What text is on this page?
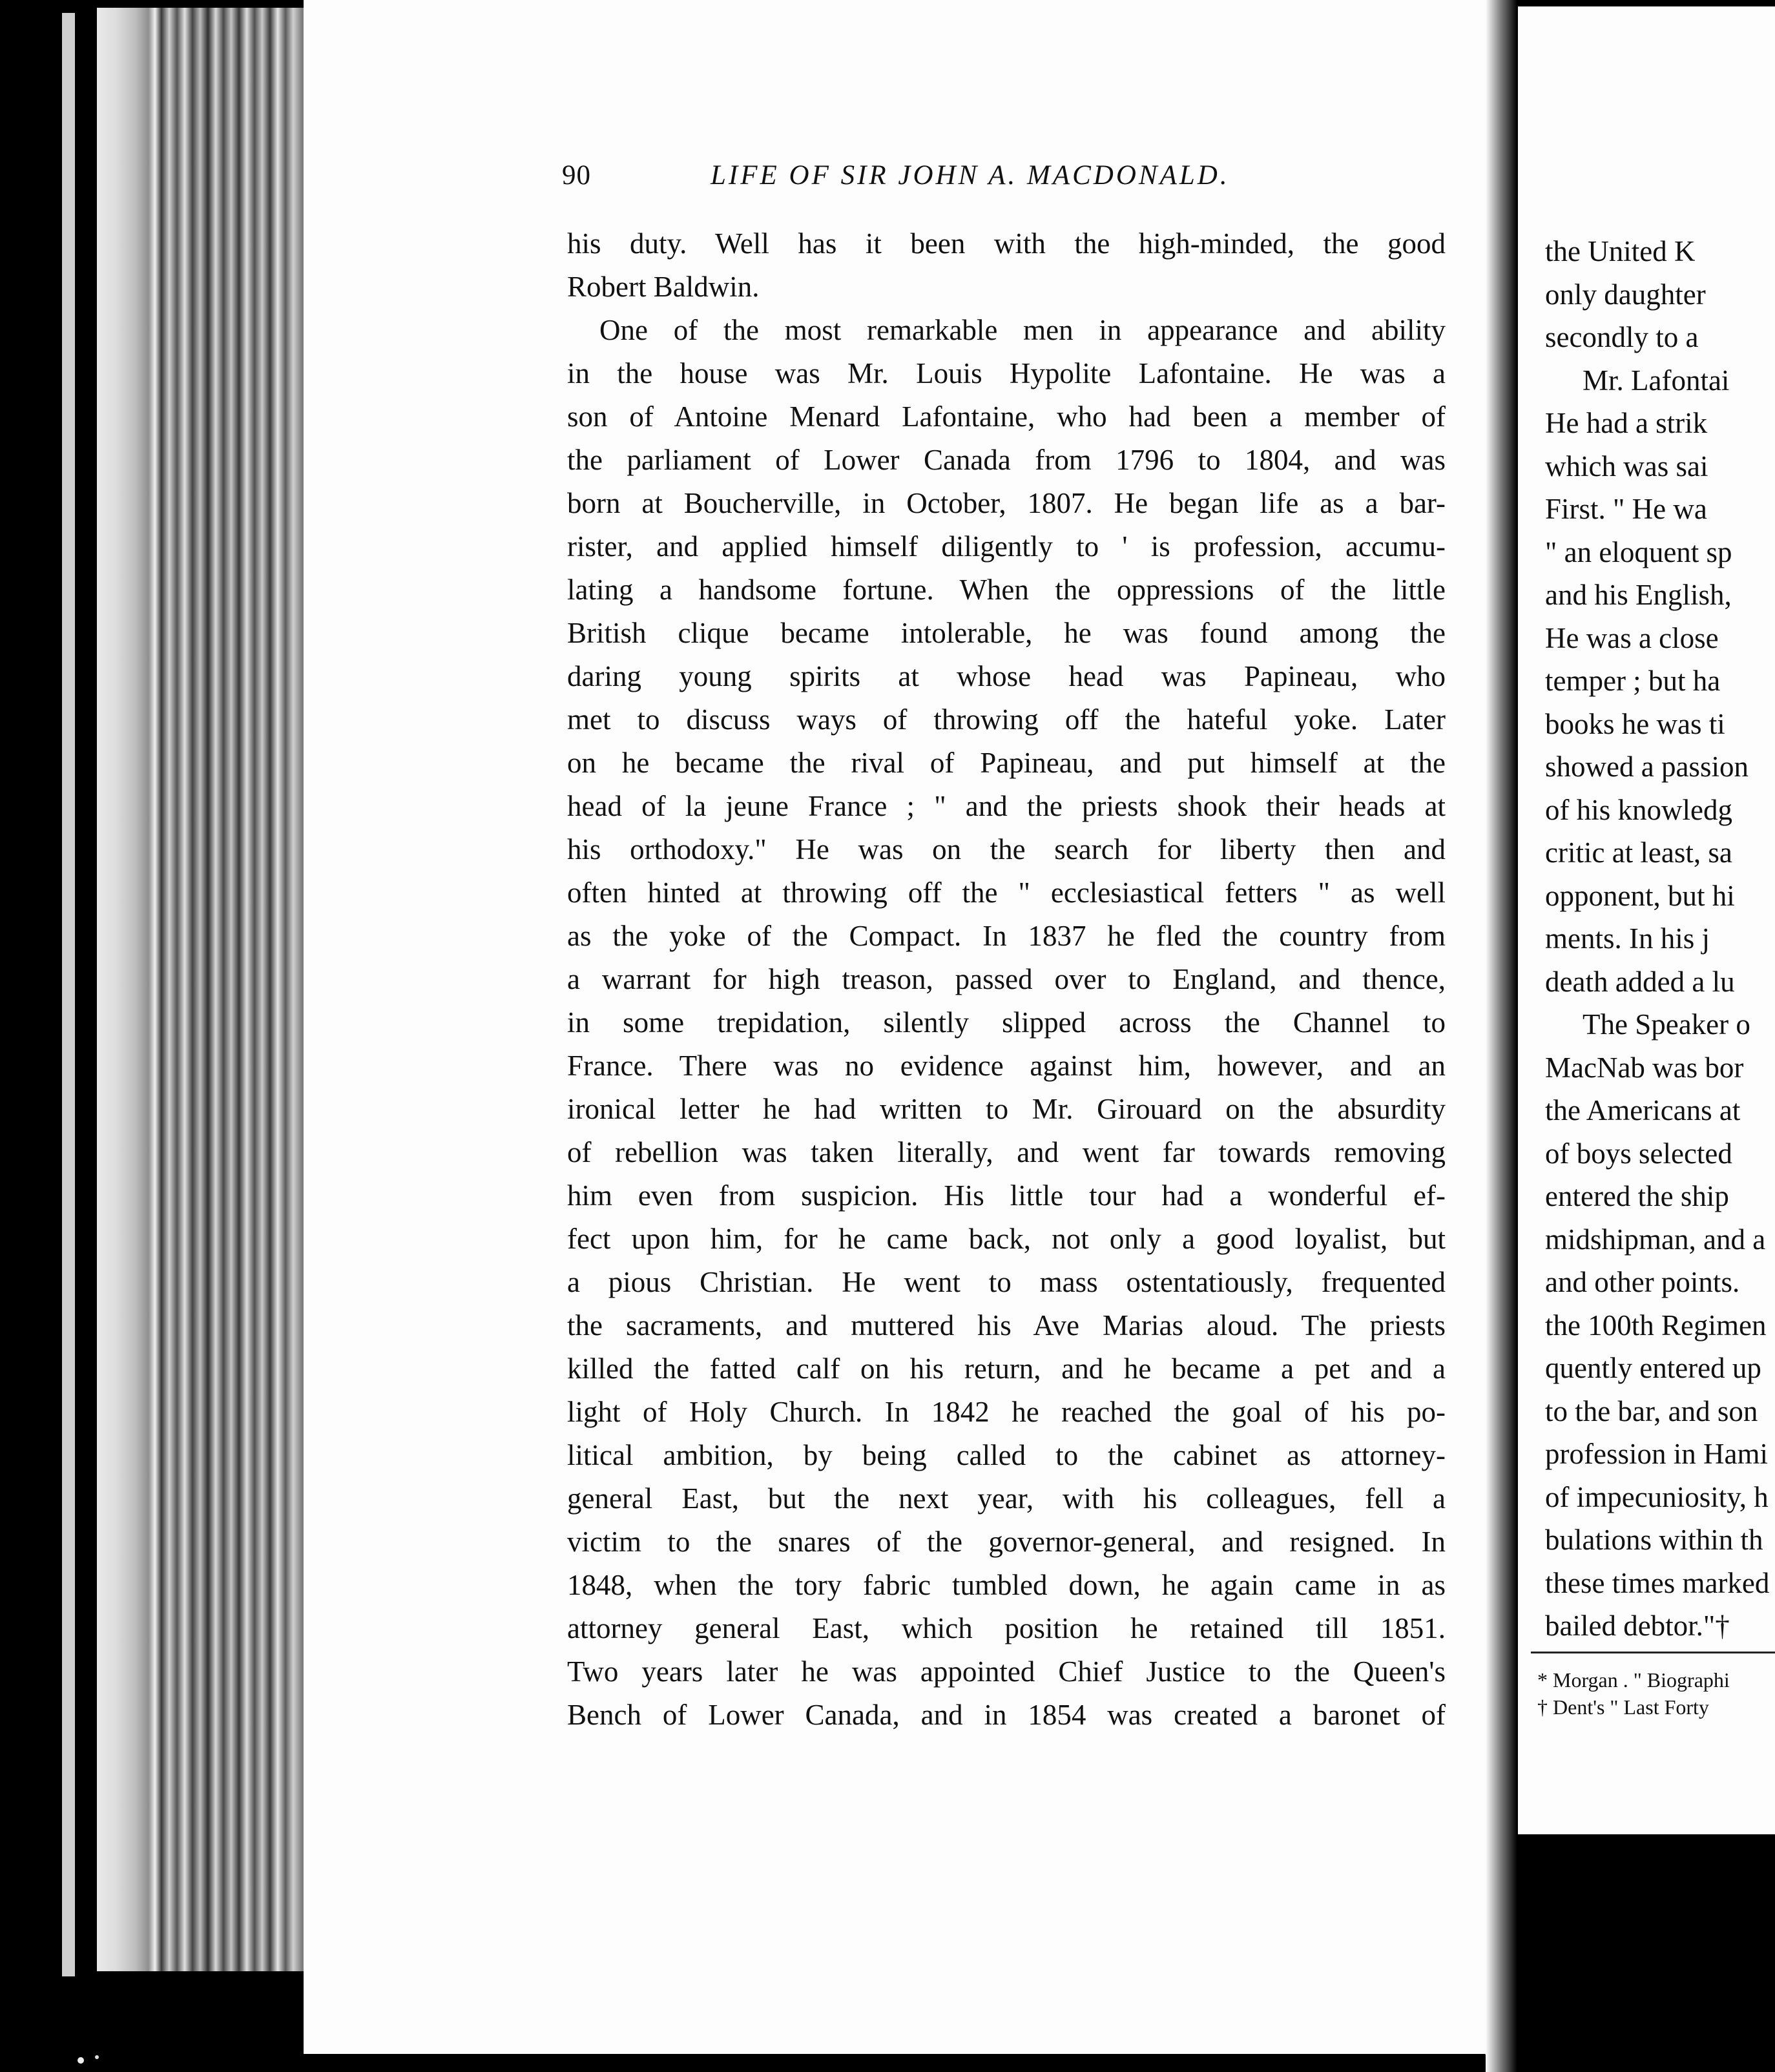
the United K
only daughter
secondly to a
Mr. Lafontai
He had a strik
which was sai
First. " He wa
" an eloquent sp
and his English,
He was a close
temper ; but ha
books he was ti
showed a passion
of his knowledg
critic at least, sa
opponent, but hi
ments. In his j
death added a lu
The Speaker o
MacNab was bor
the Americans at
of boys selected
entered the ship
midshipman, and a
and other points.
the 100th Regimen
quently entered up
to the bar, and son
profession in Hami
of impecuniosity, h
bulations within th
these times marked
bailed debtor."†
* Morgan . " Biographi
† Dent's " Last Forty
90	LIFE OF SIR JOHN A. MACDONALD.
his duty. Well has it been with the high-minded, the good
Robert Baldwin.
One of the most remarkable men in appearance and ability
in the house was Mr. Louis Hypolite Lafontaine. He was a
son of Antoine Menard Lafontaine, who had been a member of
the parliament of Lower Canada from 1796 to 1804, and was
born at Boucherville, in October, 1807. He began life as a bar-
rister, and applied himself diligently to ' is profession, accumu-
lating a handsome fortune. When the oppressions of the little
British clique became intolerable, he was found among the
daring young spirits at whose head was Papineau, who
met to discuss ways of throwing off the hateful yoke. Later
on he became the rival of Papineau, and put himself at the
head of la jeune France ; " and the priests shook their heads at
his orthodoxy." He was on the search for liberty then and
often hinted at throwing off the " ecclesiastical fetters " as well
as the yoke of the Compact. In 1837 he fled the country from
a warrant for high treason, passed over to England, and thence,
in some trepidation, silently slipped across the Channel to
France. There was no evidence against him, however, and an
ironical letter he had written to Mr. Girouard on the absurdity
of rebellion was taken literally, and went far towards removing
him even from suspicion. His little tour had a wonderful ef-
fect upon him, for he came back, not only a good loyalist, but
a pious Christian. He went to mass ostentatiously, frequented
the sacraments, and muttered his Ave Marias aloud. The priests
killed the fatted calf on his return, and he became a pet and a
light of Holy Church. In 1842 he reached the goal of his po-
litical ambition, by being called to the cabinet as attorney-
general East, but the next year, with his colleagues, fell a
victim to the snares of the governor-general, and resigned. In
1848, when the tory fabric tumbled down, he again came in as
attorney general East, which position he retained till 1851.
Two years later he was appointed Chief Justice to the Queen's
Bench of Lower Canada, and in 1854 was created a baronet of
